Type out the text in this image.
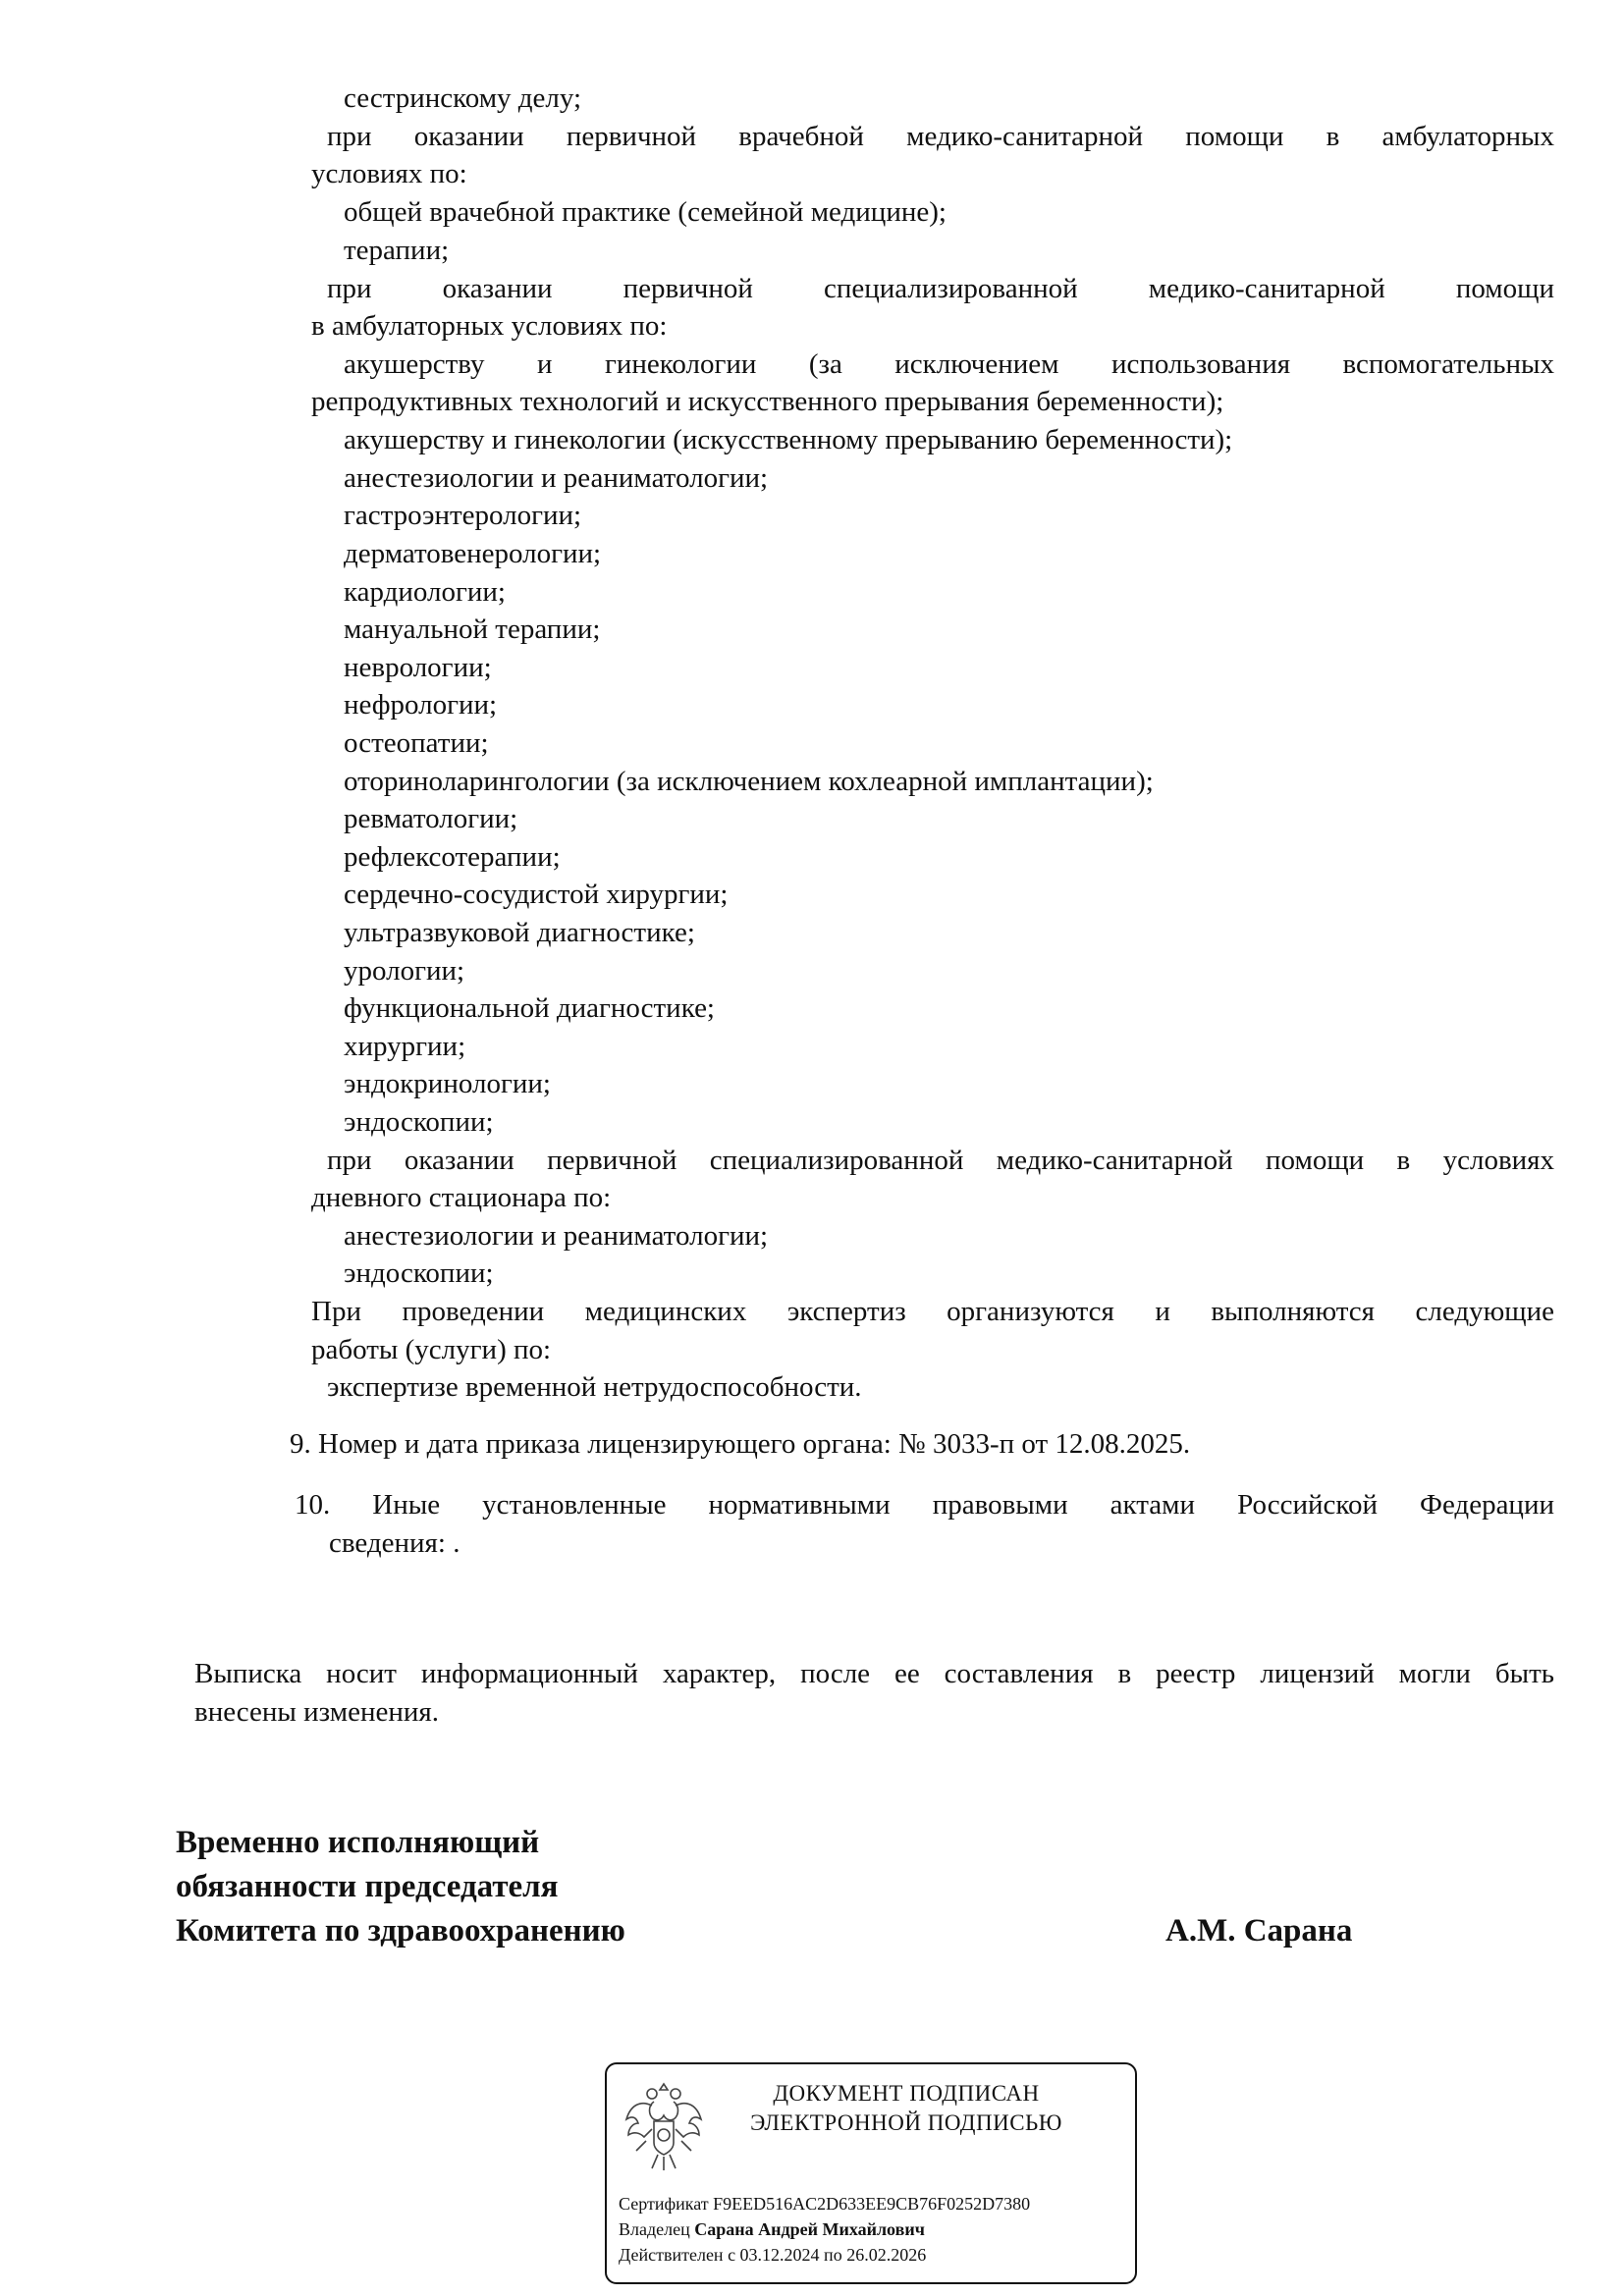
сестринскому делу;
при оказании первичной врачебной медико-санитарной помощи в амбулаторных
условиях по:
общей врачебной практике (семейной медицине);
терапии;
при оказании первичной специализированной медико-санитарной помощи
в амбулаторных условиях по:
акушерству и гинекологии (за исключением использования вспомогательных
репродуктивных технологий и искусственного прерывания беременности);
акушерству и гинекологии (искусственному прерыванию беременности);
анестезиологии и реаниматологии;
гастроэнтерологии;
дерматовенерологии;
кардиологии;
мануальной терапии;
неврологии;
нефрологии;
остеопатии;
оториноларингологии (за исключением кохлеарной имплантации);
ревматологии;
рефлексотерапии;
сердечно-сосудистой хирургии;
ультразвуковой диагностике;
урологии;
функциональной диагностике;
хирургии;
эндокринологии;
эндоскопии;
при оказании первичной специализированной медико-санитарной помощи в условиях
дневного стационара по:
анестезиологии и реаниматологии;
эндоскопии;
При проведении медицинских экспертиз организуются и выполняются следующие
работы (услуги) по:
экспертизе временной нетрудоспособности.
9. Номер и дата приказа лицензирующего органа: № 3033-п от 12.08.2025.
10. Иные установленные нормативными правовыми актами Российской Федерации
сведения: .
Выписка носит информационный характер, после ее составления в реестр лицензий могли быть
внесены изменения.
Временно исполняющий
обязанности председателя
Комитета по здравоохранению	А.М. Сарана
ДОКУМЕНТ ПОДПИСАН
ЭЛЕКТРОННОЙ ПОДПИСЬЮ
Сертификат F9EED516AC2D633EE9CB76F0252D7380
Владелец Сарана Андрей Михайлович
Действителен с 03.12.2024 по 26.02.2026
